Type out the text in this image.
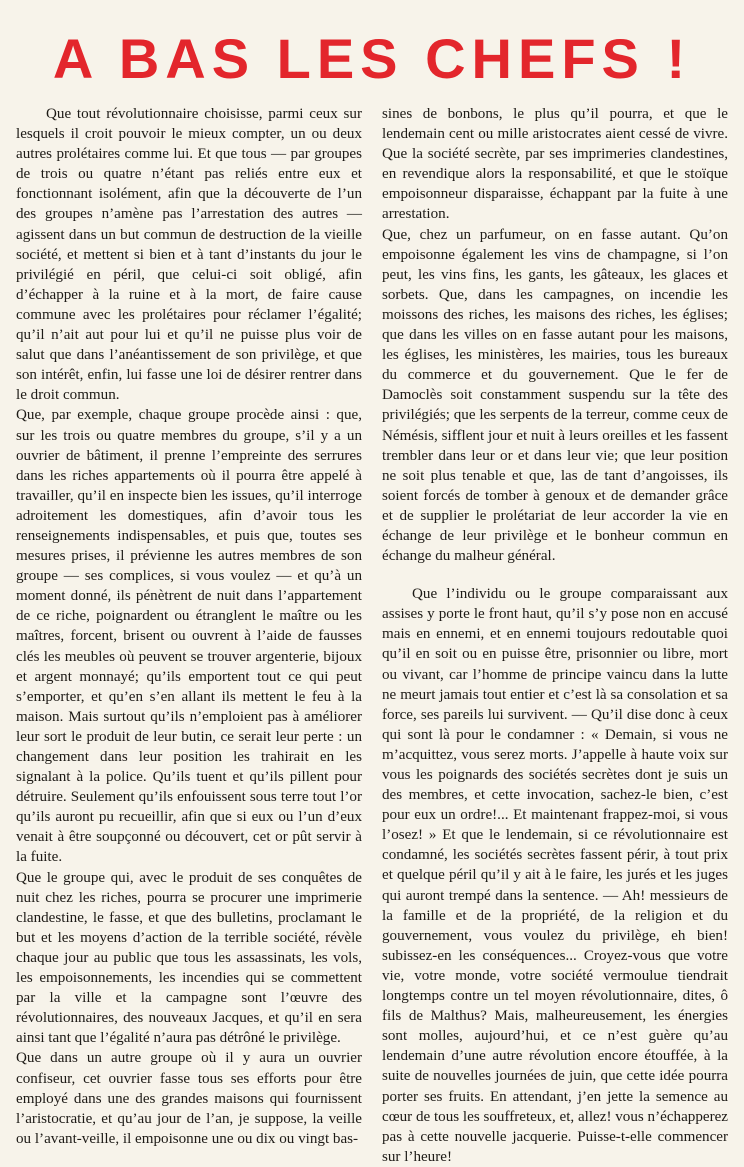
A BAS LES CHEFS !

Que tout révolutionnaire choisisse, parmi ceux sur lesquels il croit pouvoir le mieux compter, un ou deux autres prolétaires comme lui. Et que tous — par groupes de trois ou quatre n’étant pas reliés entre eux et fonctionnant isolément, afin que la découverte de l’un des groupes n’amène pas l’arrestation des autres — agissent dans un but commun de destruction de la vieille société, et mettent si bien et à tant d’instants du jour le privilégié en péril, que celui-ci soit obligé, afin d’échapper à la ruine et à la mort, de faire cause commune avec les prolétaires pour réclamer l’égalité; qu’il n’ait aut pour lui et qu’il ne puisse plus voir de salut que dans l’anéantissement de son privilège, et que son intérêt, enfin, lui fasse une loi de désirer rentrer dans le droit commun.

Que, par exemple, chaque groupe procède ainsi : que, sur les trois ou quatre membres du groupe, s’il y a un ouvrier de bâtiment, il prenne l’empreinte des serrures dans les riches appartements où il pourra être appelé à travailler, qu’il en inspecte bien les issues, qu’il interroge adroitement les domestiques, afin d’avoir tous les renseignements indispensables, et puis que, toutes ses mesures prises, il prévienne les autres membres de son groupe — ses complices, si vous voulez — et qu’à un moment donné, ils pénètrent de nuit dans l’appartement de ce riche, poignardent ou étranglent le maître ou les maîtres, forcent, brisent ou ouvrent à l’aide de fausses clés les meubles où peuvent se trouver argenterie, bijoux et argent monnayé; qu’ils emportent tout ce qui peut s’emporter, et qu’en s’en allant ils mettent le feu à la maison. Mais surtout qu’ils n’emploient pas à améliorer leur sort le produit de leur butin, ce serait leur perte : un changement dans leur position les trahirait en les signalant à la police. Qu’ils tuent et qu’ils pillent pour détruire. Seulement qu’ils enfouissent sous terre tout l’or qu’ils auront pu recueillir, afin que si eux ou l’un d’eux venait à être soupçonné ou découvert, cet or pût servir à la fuite.

Que le groupe qui, avec le produit de ses conquêtes de nuit chez les riches, pourra se procurer une imprimerie clandestine, le fasse, et que des bulletins, proclamant le but et les moyens d’action de la terrible société, révèle chaque jour au public que tous les assassinats, les vols, les empoisonnements, les incendies qui se commettent par la ville et la campagne sont l’œuvre des révolutionnaires, des nouveaux Jacques, et qu’il en sera ainsi tant que l’égalité n’aura pas détrôné le privilège.

Que dans un autre groupe où il y aura un ouvrier confiseur, cet ouvrier fasse tous ses efforts pour être employé dans une des grandes maisons qui fournissent l’aristocratie, et qu’au jour de l’an, je suppose, la veille ou l’avant-veille, il empoisonne une ou dix ou vingt bas-

sines de bonbons, le plus qu’il pourra, et que le lendemain cent ou mille aristocrates aient cessé de vivre. Que la société secrète, par ses imprimeries clandestines, en revendique alors la responsabilité, et que le stoïque empoisonneur disparaisse, échappant par la fuite à une arrestation.

Que, chez un parfumeur, on en fasse autant. Qu’on empoisonne également les vins de champagne, si l’on peut, les vins fins, les gants, les gâteaux, les glaces et sorbets. Que, dans les campagnes, on incendie les moissons des riches, les maisons des riches, les églises; que dans les villes on en fasse autant pour les maisons, les églises, les ministères, les mairies, tous les bureaux du commerce et du gouvernement. Que le fer de Damoclès soit constamment suspendu sur la tête des privilégiés; que les serpents de la terreur, comme ceux de Némésis, sifflent jour et nuit à leurs oreilles et les fassent trembler dans leur or et dans leur vie; que leur position ne soit plus tenable et que, las de tant d’angoisses, ils soient forcés de tomber à genoux et de demander grâce et de supplier le prolétariat de leur accorder la vie en échange de leur privilège et le bonheur commun en échange du malheur général.

Que l’individu ou le groupe comparaissant aux assises y porte le front haut, qu’il s’y pose non en accusé mais en ennemi, et en ennemi toujours redoutable quoi qu’il en soit ou en puisse être, prisonnier ou libre, mort ou vivant, car l’homme de principe vaincu dans la lutte ne meurt jamais tout entier et c’est là sa consolation et sa force, ses pareils lui survivent. — Qu’il dise donc à ceux qui sont là pour le condamner : « Demain, si vous ne m’acquittez, vous serez morts. J’appelle à haute voix sur vous les poignards des sociétés secrètes dont je suis un des membres, et cette invocation, sachez-le bien, c’est pour eux un ordre!... Et maintenant frappez-moi, si vous l’osez! » Et que le lendemain, si ce révolutionnaire est condamné, les sociétés secrètes fassent périr, à tout prix et quelque péril qu’il y ait à le faire, les jurés et les juges qui auront trempé dans la sentence. — Ah! messieurs de la famille et de la propriété, de la religion et du gouvernement, vous voulez du privilège, eh bien! subissez-en les conséquences... Croyez-vous que votre vie, votre monde, votre société vermoulue tiendrait longtemps contre un tel moyen révolutionnaire, dites, ô fils de Malthus? Mais, malheureusement, les énergies sont molles, aujourd’hui, et ce n’est guère qu’au lendemain d’une autre révolution encore étouffée, à la suite de nouvelles journées de juin, que cette idée pourra porter ses fruits. En attendant, j’en jette la semence au cœur de tous les souffreteux, et, allez! vous n’échapperez pas à cette nouvelle jacquerie. Puisse-t-elle commencer sur l’heure!
